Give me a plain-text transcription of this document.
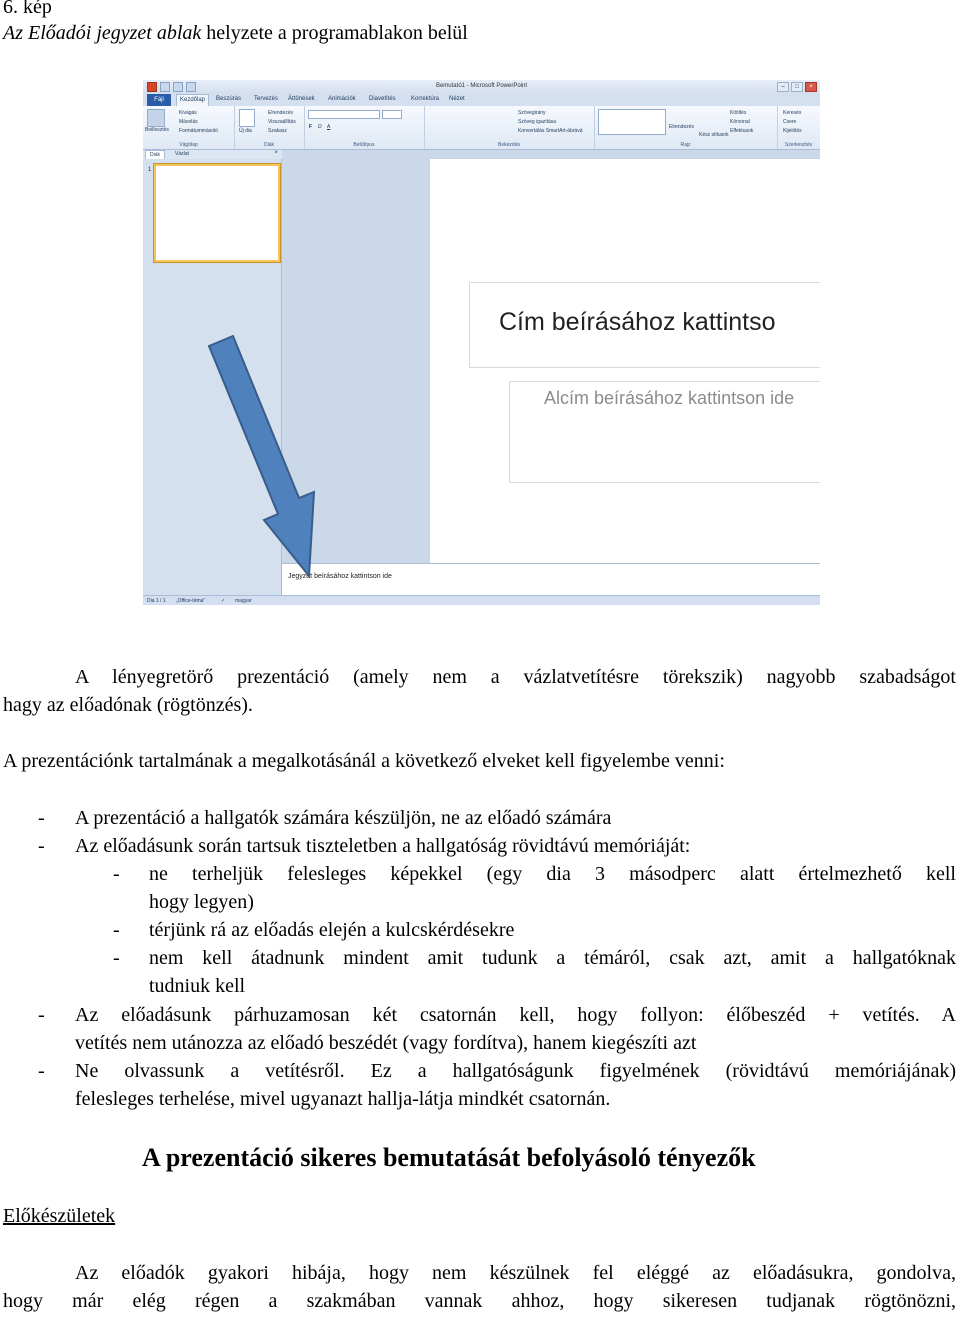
6. kép
Az Előadói jegyzet ablak helyzete a programablakon belül
Bemutató1 - Microsoft PowerPoint	–	□	×
Fájl	Kezdőlap	Beszúrás Tervezés Áttűnések Animációk Diavetítés	Korrektúra Nézet
Beillesztés
Kivágás
Másolás
Formátummásoló
Vágólap
Új dia
Elrendezés
Visszaállítás
Szakasz
Diák
F D A
Betűtípus
Szövegirány
Szöveg igazítása
Konvertálás SmartArt-ábrává
Bekezdés
Elrendezés
Kész stílusok
Kitöltés
Körvonal
Effektusok
Rajz
Keresés
Csere
Kijelölés
Szerkesztés
Diák	Vázlat	×
1
Cím beírásához kattintso
Alcím beírásához kattintson ide
Jegyzet beírásához kattintson ide
Dia 1 / 1 „Office-téma”	✓ magyar
A lényegretörő prezentáció (amely nem a vázlatvetítésre törekszik) nagyobb szabadságot
hagy az előadónak (rögtönzés).
A prezentációnk tartalmának a megalkotásánál a következő elveket kell figyelembe venni:
- A prezentáció a hallgatók számára készüljön, ne az előadó számára
- Az előadásunk során tartsuk tiszteletben a hallgatóság rövidtávú memóriáját:
- ne terheljük felesleges képekkel (egy dia 3 másodperc alatt értelmezhető kell
hogy legyen)
- térjünk rá az előadás elején a kulcskérdésekre
- nem kell átadnunk mindent amit tudunk a témáról, csak azt, amit a hallgatóknak
tudniuk kell
- Az előadásunk párhuzamosan két csatornán kell, hogy follyon: élőbeszéd + vetítés. A
vetítés nem utánozza az előadó beszédét (vagy fordítva), hanem kiegészíti azt
- Ne olvassunk a vetítésről. Ez a hallgatóságunk figyelmének (rövidtávú memóriájának)
felesleges terhelése, mivel ugyanazt hallja-látja mindkét csatornán.
A prezentáció sikeres bemutatását befolyásoló tényezők
Előkészületek
Az előadók gyakori hibája, hogy nem készülnek fel eléggé az előadásukra, gondolva,
hogy már elég régen a szakmában vannak ahhoz, hogy sikeresen tudjanak rögtönözni,
